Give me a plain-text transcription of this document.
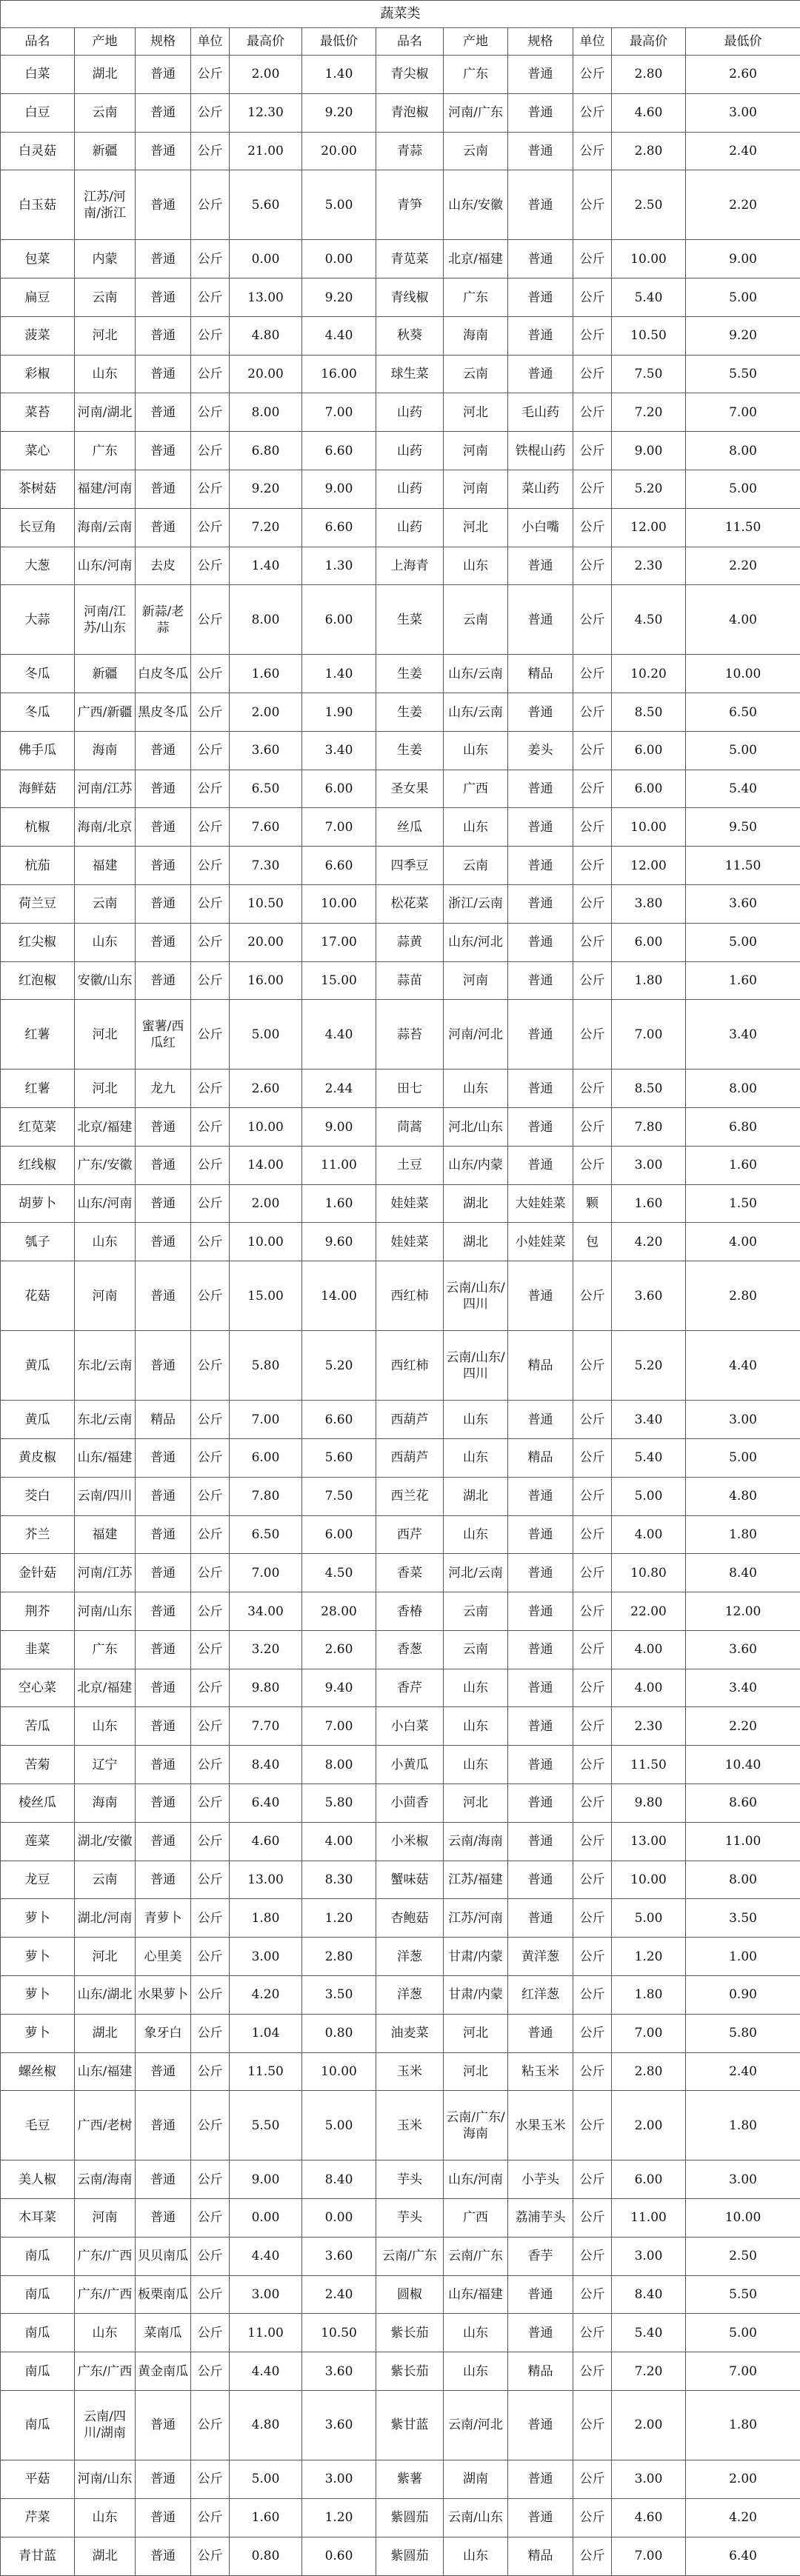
蔬菜类											
品名	产地	规格	单位	最高价	最低价	品名	产地	规格	单位	最高价	最低价
白菜	湖北	普通	公斤	2.00	1.40	青尖椒	广东	普通	公斤	2.80	2.60
白豆	云南	普通	公斤	12.30	9.20	青泡椒	河南/广东	普通	公斤	4.60	3.00
白灵菇	新疆	普通	公斤	21.00	20.00	青蒜	云南	普通	公斤	2.80	2.40
白玉菇	江苏/河南/浙江	普通	公斤	5.60	5.00	青笋	山东/安徽	普通	公斤	2.50	2.20
包菜	内蒙	普通	公斤	0.00	0.00	青苋菜	北京/福建	普通	公斤	10.00	9.00
扁豆	云南	普通	公斤	13.00	9.20	青线椒	广东	普通	公斤	5.40	5.00
菠菜	河北	普通	公斤	4.80	4.40	秋葵	海南	普通	公斤	10.50	9.20
彩椒	山东	普通	公斤	20.00	16.00	球生菜	云南	普通	公斤	7.50	5.50
菜苔	河南/湖北	普通	公斤	8.00	7.00	山药	河北	毛山药	公斤	7.20	7.00
菜心	广东	普通	公斤	6.80	6.60	山药	河南	铁棍山药	公斤	9.00	8.00
茶树菇	福建/河南	普通	公斤	9.20	9.00	山药	河南	菜山药	公斤	5.20	5.00
长豆角	海南/云南	普通	公斤	7.20	6.60	山药	河北	小白嘴	公斤	12.00	11.50
大葱	山东/河南	去皮	公斤	1.40	1.30	上海青	山东	普通	公斤	2.30	2.20
大蒜	河南/江苏/山东	新蒜/老蒜	公斤	8.00	6.00	生菜	云南	普通	公斤	4.50	4.00
冬瓜	新疆	白皮冬瓜	公斤	1.60	1.40	生姜	山东/云南	精品	公斤	10.20	10.00
冬瓜	广西/新疆	黑皮冬瓜	公斤	2.00	1.90	生姜	山东/云南	普通	公斤	8.50	6.50
佛手瓜	海南	普通	公斤	3.60	3.40	生姜	山东	姜头	公斤	6.00	5.00
海鲜菇	河南/江苏	普通	公斤	6.50	6.00	圣女果	广西	普通	公斤	6.00	5.40
杭椒	海南/北京	普通	公斤	7.60	7.00	丝瓜	山东	普通	公斤	10.00	9.50
杭茄	福建	普通	公斤	7.30	6.60	四季豆	云南	普通	公斤	12.00	11.50
荷兰豆	云南	普通	公斤	10.50	10.00	松花菜	浙江/云南	普通	公斤	3.80	3.60
红尖椒	山东	普通	公斤	20.00	17.00	蒜黄	山东/河北	普通	公斤	6.00	5.00
红泡椒	安徽/山东	普通	公斤	16.00	15.00	蒜苗	河南	普通	公斤	1.80	1.60
红薯	河北	蜜薯/西瓜红	公斤	5.00	4.40	蒜苔	河南/河北	普通	公斤	7.00	3.40
红薯	河北	龙九	公斤	2.60	2.44	田七	山东	普通	公斤	8.50	8.00
红苋菜	北京/福建	普通	公斤	10.00	9.00	茼蒿	河北/山东	普通	公斤	7.80	6.80
红线椒	广东/安徽	普通	公斤	14.00	11.00	土豆	山东/内蒙	普通	公斤	3.00	1.60
胡萝卜	山东/河南	普通	公斤	2.00	1.60	娃娃菜	湖北	大娃娃菜	颗	1.60	1.50
瓠子	山东	普通	公斤	10.00	9.60	娃娃菜	湖北	小娃娃菜	包	4.20	4.00
花菇	河南	普通	公斤	15.00	14.00	西红柿	云南/山东/四川	普通	公斤	3.60	2.80
黄瓜	东北/云南	普通	公斤	5.80	5.20	西红柿	云南/山东/四川	精品	公斤	5.20	4.40
黄瓜	东北/云南	精品	公斤	7.00	6.60	西葫芦	山东	普通	公斤	3.40	3.00
黄皮椒	山东/福建	普通	公斤	6.00	5.60	西葫芦	山东	精品	公斤	5.40	5.00
茭白	云南/四川	普通	公斤	7.80	7.50	西兰花	湖北	普通	公斤	5.00	4.80
芥兰	福建	普通	公斤	6.50	6.00	西芹	山东	普通	公斤	4.00	1.80
金针菇	河南/江苏	普通	公斤	7.00	4.50	香菜	河北/云南	普通	公斤	10.80	8.40
荆芥	河南/山东	普通	公斤	34.00	28.00	香椿	云南	普通	公斤	22.00	12.00
韭菜	广东	普通	公斤	3.20	2.60	香葱	云南	普通	公斤	4.00	3.60
空心菜	北京/福建	普通	公斤	9.80	9.40	香芹	山东	普通	公斤	4.00	3.40
苦瓜	山东	普通	公斤	7.70	7.00	小白菜	山东	普通	公斤	2.30	2.20
苦菊	辽宁	普通	公斤	8.40	8.00	小黄瓜	山东	普通	公斤	11.50	10.40
棱丝瓜	海南	普通	公斤	6.40	5.80	小茴香	河北	普通	公斤	9.80	8.60
莲菜	湖北/安徽	普通	公斤	4.60	4.00	小米椒	云南/海南	普通	公斤	13.00	11.00
龙豆	云南	普通	公斤	13.00	8.30	蟹味菇	江苏/福建	普通	公斤	10.00	8.00
萝卜	湖北/河南	青萝卜	公斤	1.80	1.20	杏鲍菇	江苏/河南	普通	公斤	5.00	3.50
萝卜	河北	心里美	公斤	3.00	2.80	洋葱	甘肃/内蒙	黄洋葱	公斤	1.20	1.00
萝卜	山东/湖北	水果萝卜	公斤	4.20	3.50	洋葱	甘肃/内蒙	红洋葱	公斤	1.80	0.90
萝卜	湖北	象牙白	公斤	1.04	0.80	油麦菜	河北	普通	公斤	7.00	5.80
螺丝椒	山东/福建	普通	公斤	11.50	10.00	玉米	河北	粘玉米	公斤	2.80	2.40
毛豆	广西/老树	普通	公斤	5.50	5.00	玉米	云南/广东/海南	水果玉米	公斤	2.00	1.80
美人椒	云南/海南	普通	公斤	9.00	8.40	芋头	山东/河南	小芋头	公斤	6.00	3.00
木耳菜	河南	普通	公斤	0.00	0.00	芋头	广西	荔浦芋头	公斤	11.00	10.00
南瓜	广东/广西	贝贝南瓜	公斤	4.40	3.60	云南/广东	云南/广东	香芋	公斤	3.00	2.50
南瓜	广东/广西	板栗南瓜	公斤	3.00	2.40	圆椒	山东/福建	普通	公斤	8.40	5.50
南瓜	山东	菜南瓜	公斤	11.00	10.50	紫长茄	山东	普通	公斤	5.40	5.00
南瓜	广东/广西	黄金南瓜	公斤	4.40	3.60	紫长茄	山东	精品	公斤	7.20	7.00
南瓜	云南/四川/湖南	普通	公斤	4.80	3.60	紫甘蓝	云南/河北	普通	公斤	2.00	1.80
平菇	河南/山东	普通	公斤	5.00	3.00	紫薯	湖南	普通	公斤	3.00	2.00
芹菜	山东	普通	公斤	1.60	1.20	紫圆茄	云南/山东	普通	公斤	4.60	4.20
青甘蓝	湖北	普通	公斤	0.80	0.60	紫圆茄	山东	精品	公斤	7.00	6.40
